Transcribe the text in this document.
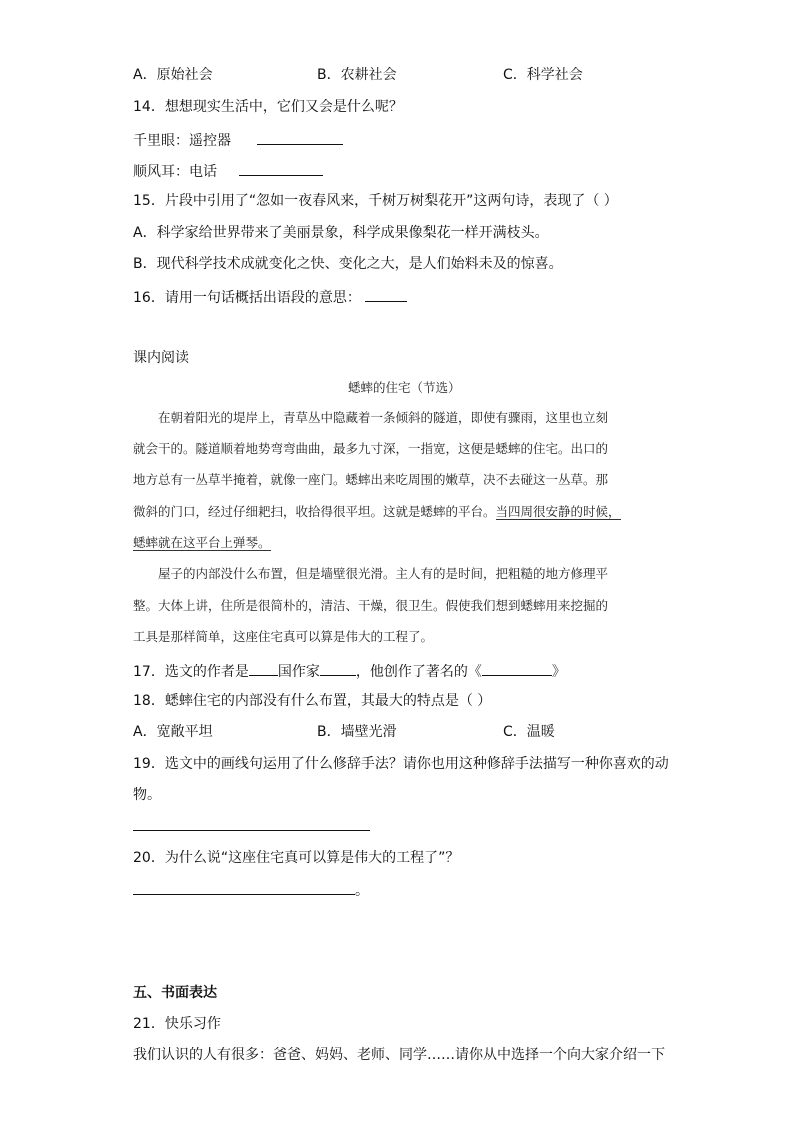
A．原始社会	B．农耕社会	C．科学社会
14．想想现实生活中，它们又会是什么呢？
千里眼：遥控器
顺风耳：电话
15．片段中引用了“忽如一夜春风来，千树万树梨花开”这两句诗，表现了（ ）
A．科学家给世界带来了美丽景象，科学成果像梨花一样开满枝头。
B．现代科学技术成就变化之快、变化之大，是人们始料未及的惊喜。
16．请用一句话概括出语段的意思：
课内阅读
蟋蟀的住宅（节选）
在朝着阳光的堤岸上，青草丛中隐藏着一条倾斜的隧道，即使有骤雨，这里也立刻
就会干的。隧道顺着地势弯弯曲曲，最多九寸深，一指宽，这便是蟋蟀的住宅。出口的
地方总有一丛草半掩着，就像一座门。蟋蟀出来吃周围的嫩草，决不去碰这一丛草。那
微斜的门口，经过仔细耙扫，收拾得很平坦。这就是蟋蟀的平台。当四周很安静的时候，
蟋蟀就在这平台上弹琴。
屋子的内部没什么布置，但是墙壁很光滑。主人有的是时间，把粗糙的地方修理平
整。大体上讲，住所是很简朴的，清洁、干燥，很卫生。假使我们想到蟋蟀用来挖掘的
工具是那样简单，这座住宅真可以算是伟大的工程了。
17．选文的作者是 国作家	，他创作了著名的《	》
18．蟋蟀住宅的内部没有什么布置，其最大的特点是（ ）
A．宽敞平坦	B．墙壁光滑	C．温暖
19．选文中的画线句运用了什么修辞手法？请你也用这种修辞手法描写一种你喜欢的动
物。
20．为什么说“这座住宅真可以算是伟大的工程了”？
。
五、书面表达
21．快乐习作
我们认识的人有很多：爸爸、妈妈、老师、同学……请你从中选择一个向大家介绍一下
